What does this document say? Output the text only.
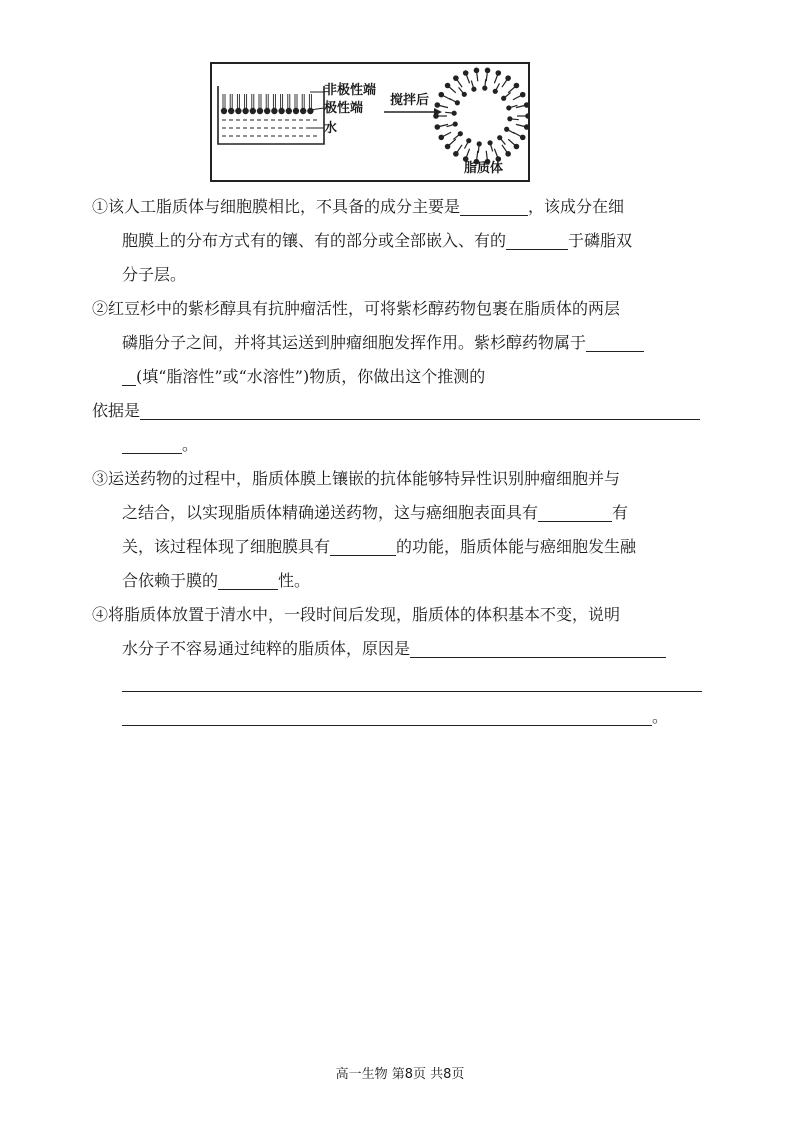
非极性端
极性端
水
搅拌后
脂质体
①该人工脂质体与细胞膜相比，不具备的成分主要是	，该成分在细
胞膜上的分布方式有的镶、有的部分或全部嵌入、有的	于磷脂双
分子层。
②红豆杉中的紫杉醇具有抗肿瘤活性，可将紫杉醇药物包裹在脂质体的两层
磷脂分子之间，并将其运送到肿瘤细胞发挥作用。紫杉醇药物属于
(填“脂溶性”或“水溶性”)物质，你做出这个推测的
依据是
。
③运送药物的过程中，脂质体膜上镶嵌的抗体能够特异性识别肿瘤细胞并与
之结合，以实现脂质体精确递送药物，这与癌细胞表面具有	有
关，该过程体现了细胞膜具有	的功能，脂质体能与癌细胞发生融
合依赖于膜的	性。
④将脂质体放置于清水中，一段时间后发现，脂质体的体积基本不变，说明
水分子不容易通过纯粹的脂质体，原因是
。
高一生物 第8页 共8页
